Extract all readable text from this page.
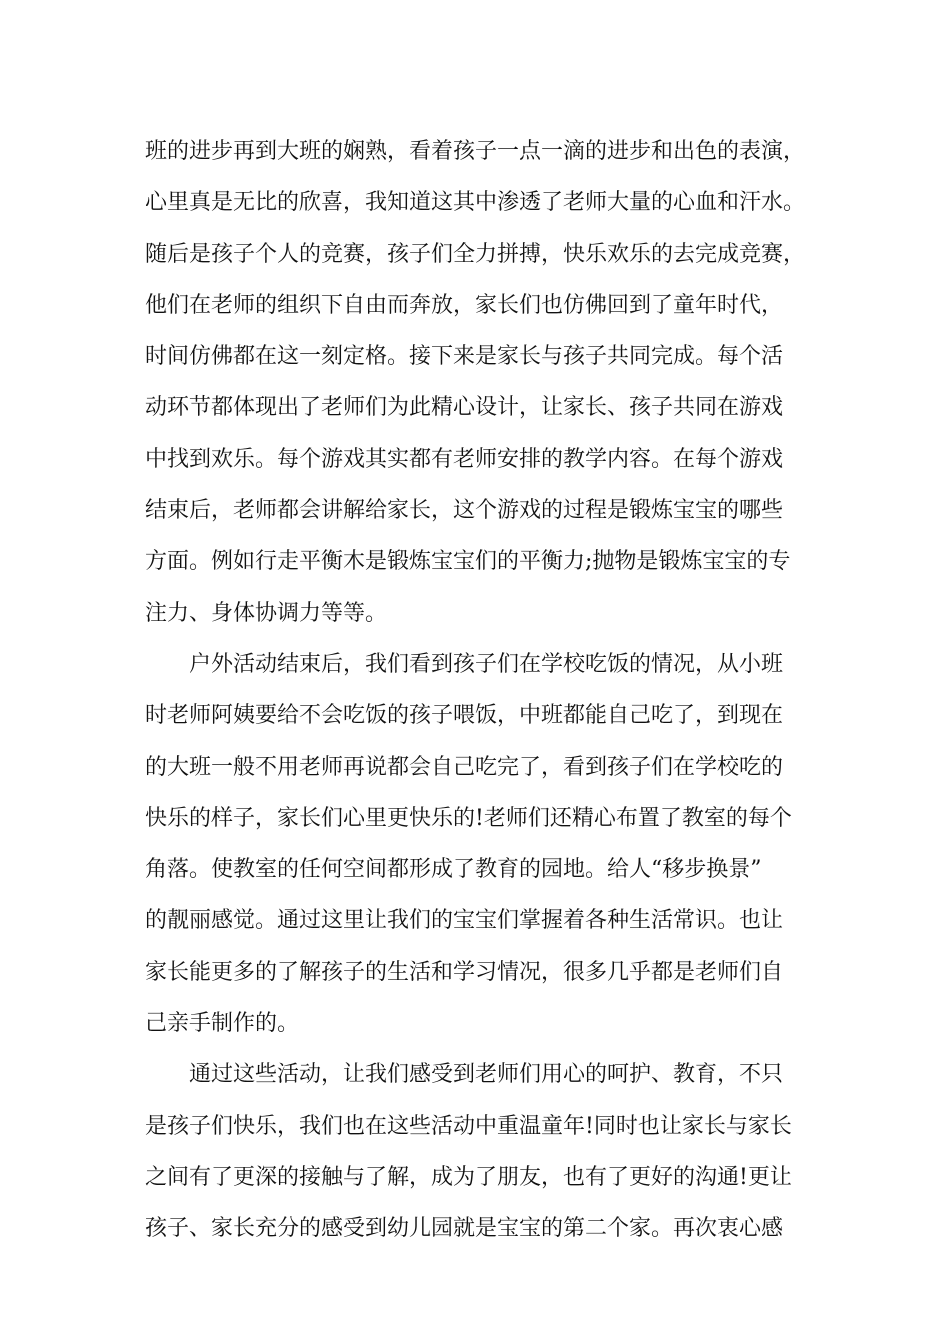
班的进步再到大班的娴熟，看着孩子一点一滴的进步和出色的表演，
心里真是无比的欣喜，我知道这其中渗透了老师大量的心血和汗水。
随后是孩子个人的竞赛，孩子们全力拼搏，快乐欢乐的去完成竞赛，
他们在老师的组织下自由而奔放，家长们也仿佛回到了童年时代，
时间仿佛都在这一刻定格。接下来是家长与孩子共同完成。每个活
动环节都体现出了老师们为此精心设计，让家长、孩子共同在游戏
中找到欢乐。每个游戏其实都有老师安排的教学内容。在每个游戏
结束后，老师都会讲解给家长，这个游戏的过程是锻炼宝宝的哪些
方面。例如行走平衡木是锻炼宝宝们的平衡力;抛物是锻炼宝宝的专
注力、身体协调力等等。
户外活动结束后，我们看到孩子们在学校吃饭的情况，从小班
时老师阿姨要给不会吃饭的孩子喂饭，中班都能自己吃了，到现在
的大班一般不用老师再说都会自己吃完了，看到孩子们在学校吃的
快乐的样子，家长们心里更快乐的!老师们还精心布置了教室的每个
角落。使教室的任何空间都形成了教育的园地。给人“移步换景”
的靓丽感觉。通过这里让我们的宝宝们掌握着各种生活常识。也让
家长能更多的了解孩子的生活和学习情况，很多几乎都是老师们自
己亲手制作的。
通过这些活动，让我们感受到老师们用心的呵护、教育，不只
是孩子们快乐，我们也在这些活动中重温童年!同时也让家长与家长
之间有了更深的接触与了解，成为了朋友，也有了更好的沟通!更让
孩子、家长充分的感受到幼儿园就是宝宝的第二个家。再次衷心感
